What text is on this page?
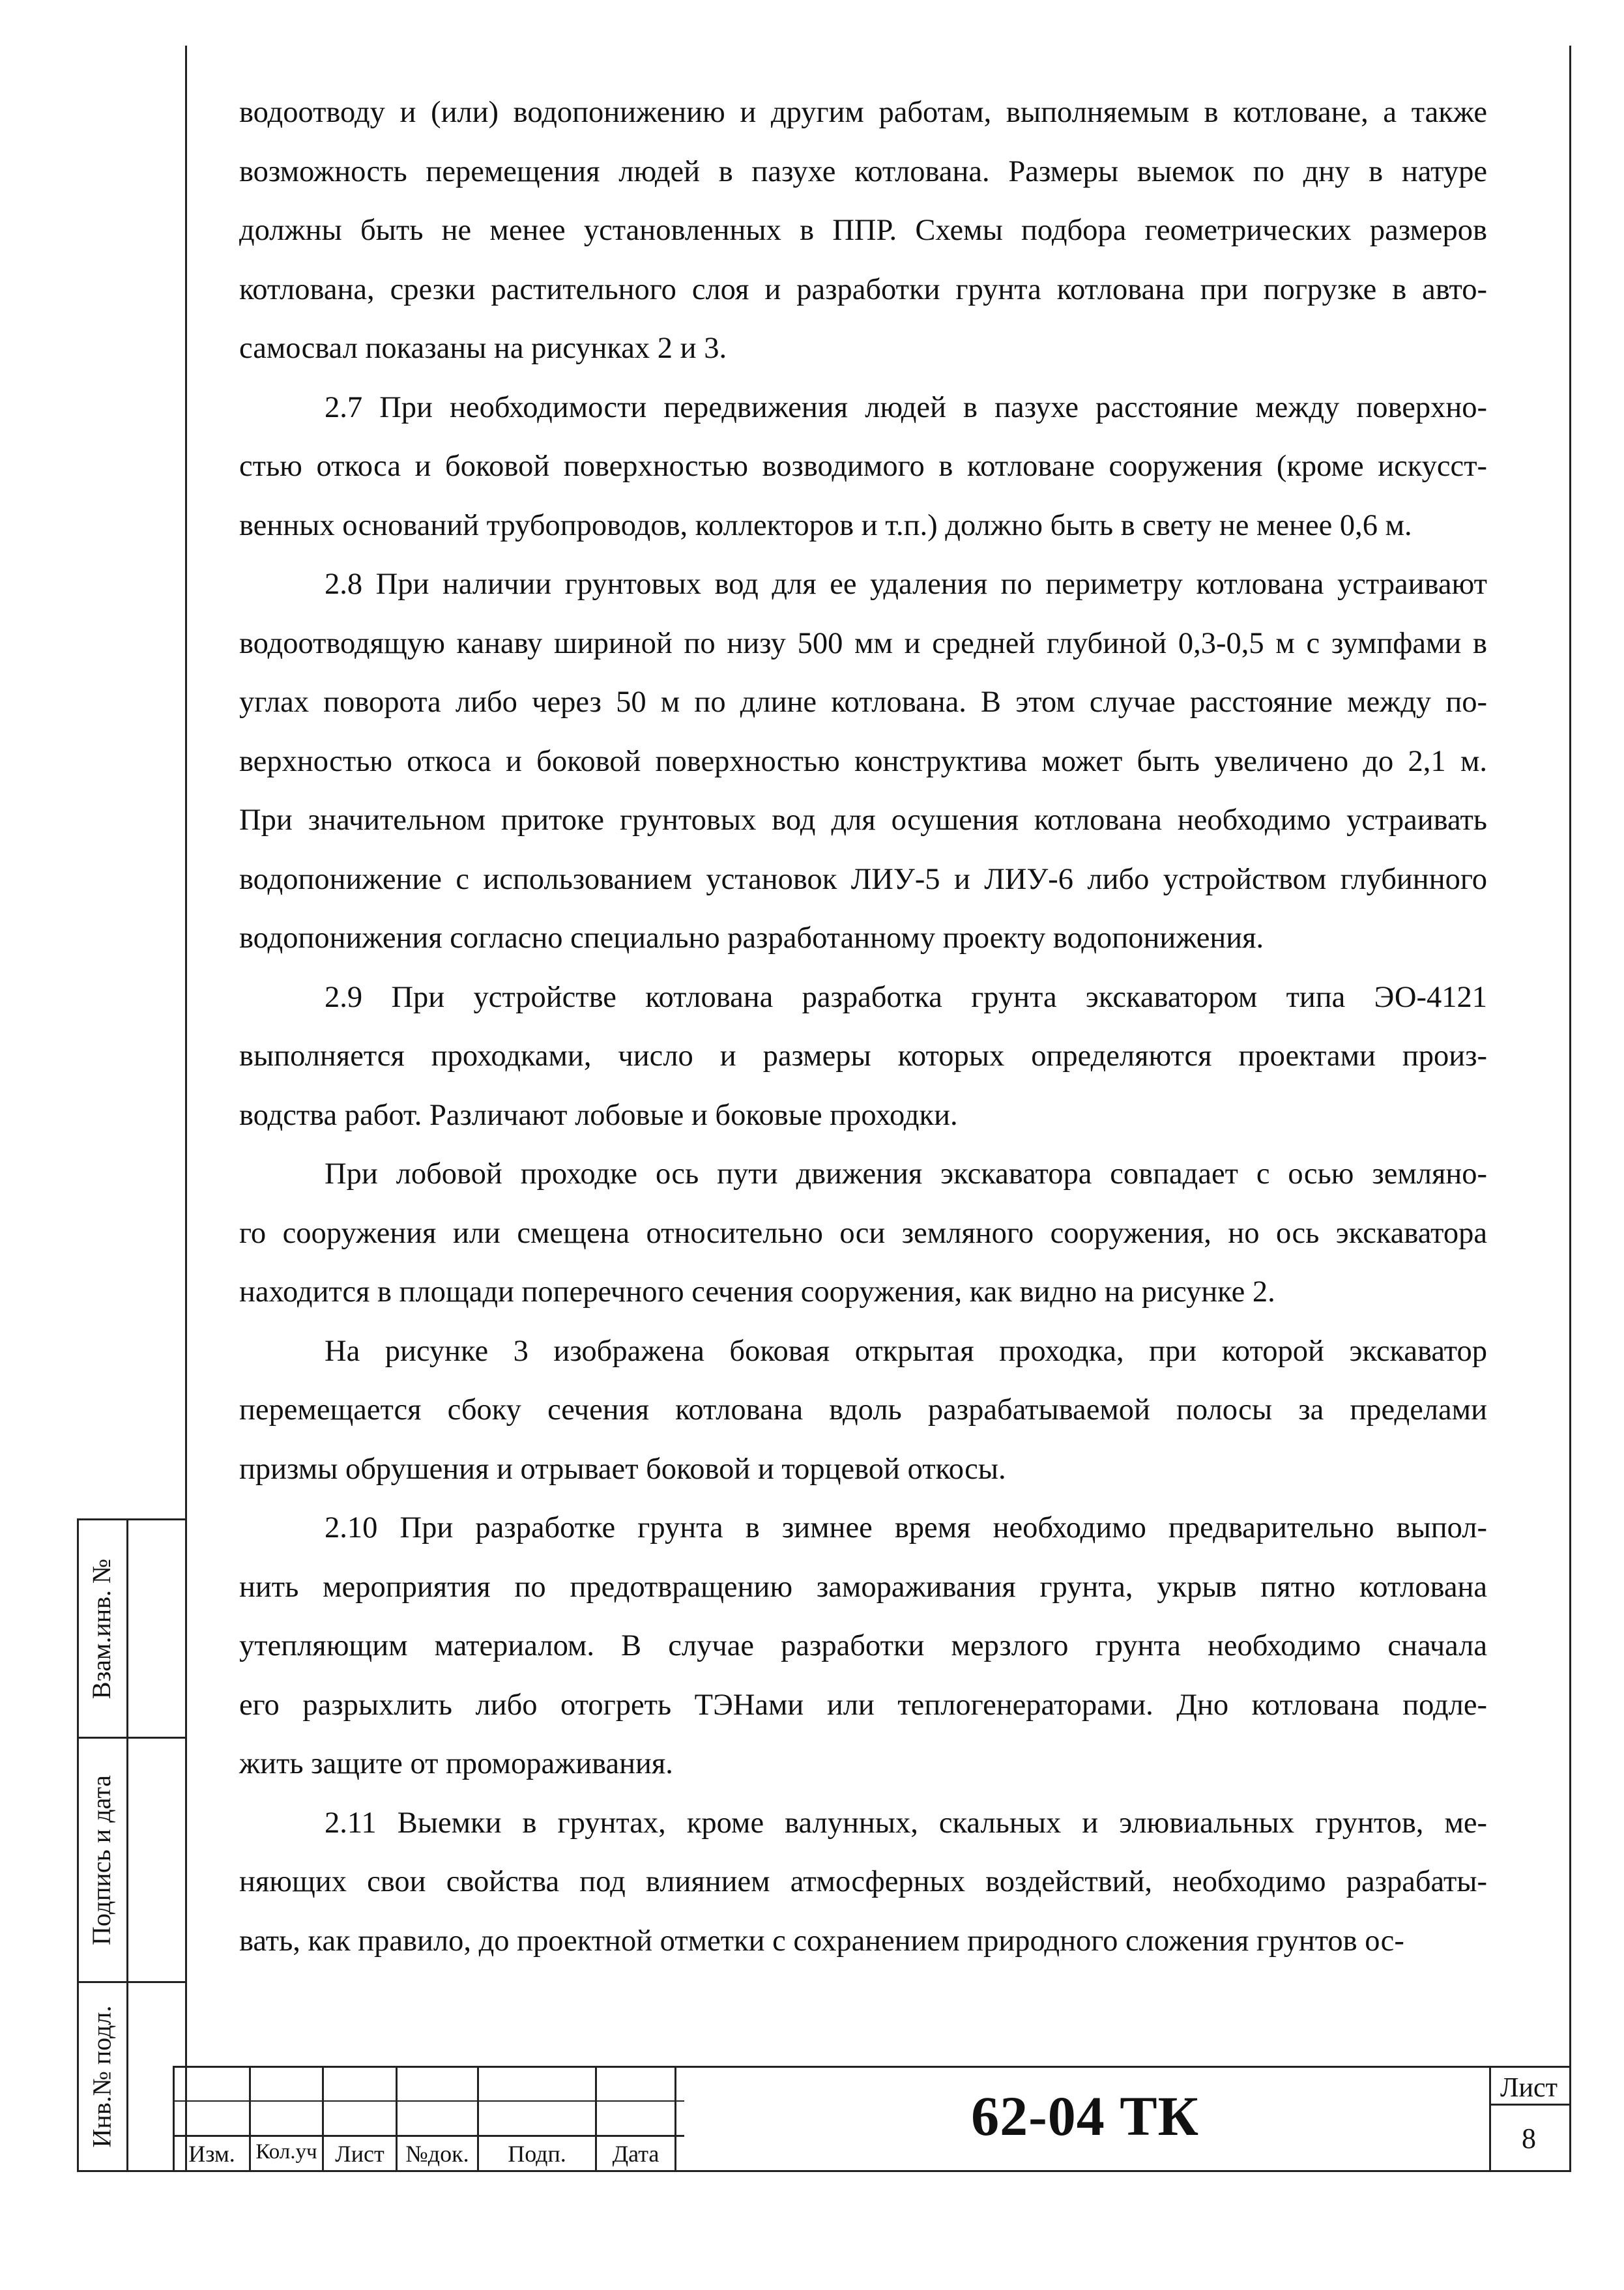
Взам.инв. №
Подпись и дата
Инв.№ подл.
водоотводу и (или) водопонижению и другим работам, выполняемым в котловане, а также
возможность перемещения людей в пазухе котлована. Размеры выемок по дну в натуре
должны быть не менее установленных в ППР. Схемы подбора геометрических размеров
котлована, срезки растительного слоя и разработки грунта котлована при погрузке в авто-
самосвал показаны на рисунках 2 и 3.
2.7 При необходимости передвижения людей в пазухе расстояние между поверхно-
стью откоса и боковой поверхностью возводимого в котловане сооружения (кроме искусст-
венных оснований трубопроводов, коллекторов и т.п.) должно быть в свету не менее 0,6 м.
2.8 При наличии грунтовых вод для ее удаления по периметру котлована устраивают
водоотводящую канаву шириной по низу 500 мм и средней глубиной 0,3-0,5 м с зумпфами в
углах поворота либо через 50 м по длине котлована. В этом случае расстояние между по-
верхностью откоса и боковой поверхностью конструктива может быть увеличено до 2,1 м.
При значительном притоке грунтовых вод для осушения котлована необходимо устраивать
водопонижение с использованием установок ЛИУ-5 и ЛИУ-6 либо устройством глубинного
водопонижения согласно специально разработанному проекту водопонижения.
2.9 При устройстве котлована разработка грунта экскаватором типа ЭО-4121
выполняется проходками, число и размеры которых определяются проектами произ-
водства работ. Различают лобовые и боковые проходки.
При лобовой проходке ось пути движения экскаватора совпадает с осью земляно-
го сооружения или смещена относительно оси земляного сооружения, но ось экскаватора
находится в площади поперечного сечения сооружения, как видно на рисунке 2.
На рисунке 3 изображена боковая открытая проходка, при которой экскаватор
перемещается сбоку сечения котлована вдоль разрабатываемой полосы за пределами
призмы обрушения и отрывает боковой и торцевой откосы.
2.10 При разработке грунта в зимнее время необходимо предварительно выпол-
нить мероприятия по предотвращению замораживания грунта, укрыв пятно котлована
утепляющим материалом. В случае разработки мерзлого грунта необходимо сначала
его разрыхлить либо отогреть ТЭНами или теплогенераторами. Дно котлована подле-
жить защите от промораживания.
2.11 Выемки в грунтах, кроме валунных, скальных и элювиальных грунтов, ме-
няющих свои свойства под влиянием атмосферных воздействий, необходимо разрабаты-
вать, как правило, до проектной отметки с сохранением природного сложения грунтов ос-
Изм. Кол.уч Лист №док.	Подп.	Дата
62-04 ТК	Лист
8
